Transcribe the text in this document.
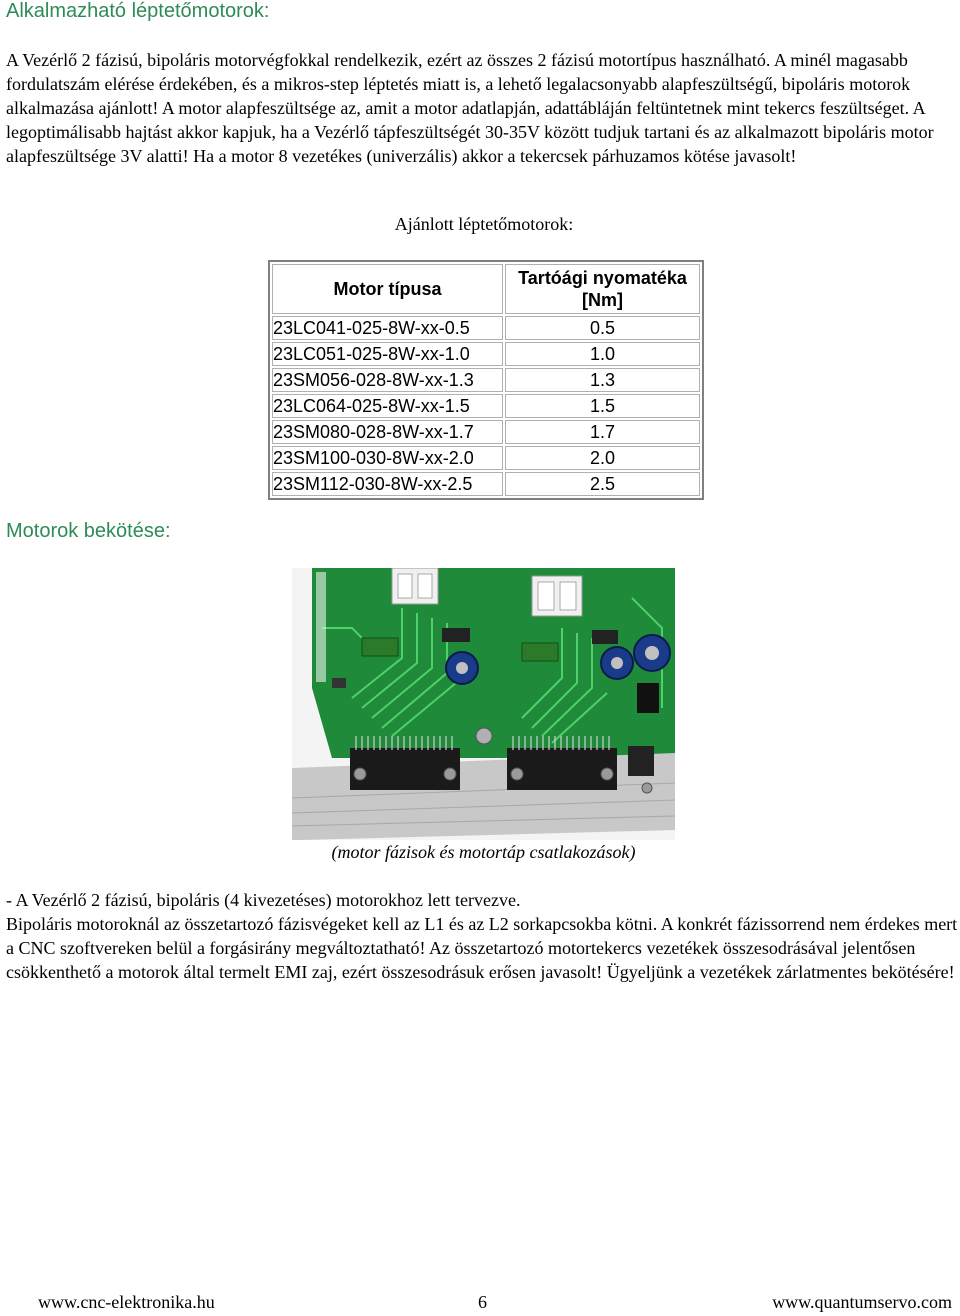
Alkalmazható léptetőmotorok:

A Vezérlő 2 fázisú, bipoláris motorvégfokkal rendelkezik, ezért az összes 2 fázisú motortípus használható. A minél magasabb fordulatszám elérése érdekében, és a mikros-step léptetés miatt is, a lehető legalacsonyabb alapfeszültségű, bipoláris motorok alkalmazása ajánlott! A motor alapfeszültsége az, amit a motor adatlapján, adattábláján feltüntetnek mint tekercs feszültséget. A legoptimálisabb hajtást akkor kapjuk, ha a Vezérlő tápfeszültségét 30-35V között tudjuk tartani és az alkalmazott bipoláris motor alapfeszültsége 3V alatti! Ha a motor 8 vezetékes (univerzális) akkor a tekercsek párhuzamos kötése javasolt!

Ajánlott léptetőmotorok:
Motor típusa	Tartóági nyomatéka [Nm]
23LC041-025-8W-xx-0.5	0.5
23LC051-025-8W-xx-1.0	1.0
23SM056-028-8W-xx-1.3	1.3
23LC064-025-8W-xx-1.5	1.5
23SM080-028-8W-xx-1.7	1.7
23SM100-030-8W-xx-2.0	2.0
23SM112-030-8W-xx-2.5	2.5
Motorok bekötése:
(motor fázisok és motortáp csatlakozások)

- A Vezérlő 2 fázisú, bipoláris (4 kivezetéses) motorokhoz lett tervezve.

Bipoláris motoroknál az összetartozó fázisvégeket kell az L1 és az L2 sorkapcsokba kötni. A konkrét fázissorrend nem érdekes mert a CNC szoftvereken belül a forgásirány megváltoztatható! Az összetartozó motortekercs vezetékek összesodrásával jelentősen csökkenthető a motorok által termelt EMI zaj, ezért összesodrásuk erősen javasolt! Ügyeljünk a vezetékek zárlatmentes bekötésére!

www.cnc-elektronika.hu	6	www.quantumservo.com
